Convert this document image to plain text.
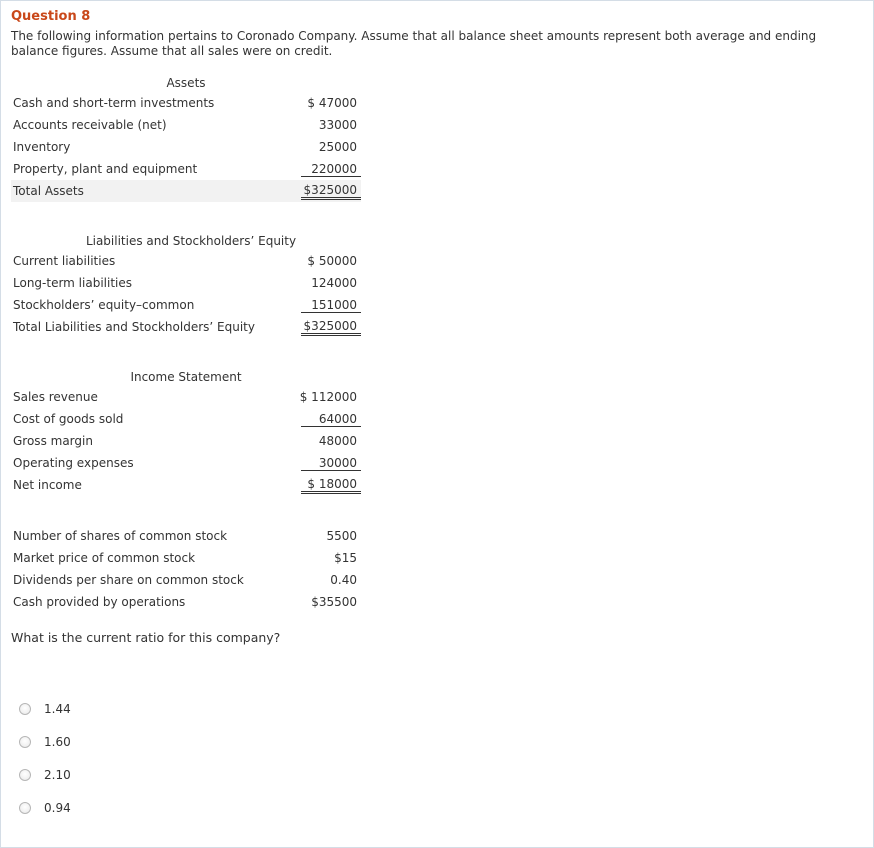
Question 8
The following information pertains to Coronado Company. Assume that all balance sheet amounts represent both average and ending balance figures. Assume that all sales were on credit.
Assets
Cash and short-term investments	$ 47000
Accounts receivable (net)	33000
Inventory	25000
Property, plant and equipment	220000
Total Assets	$325000
Liabilities and Stockholders’ Equity
Current liabilities	$ 50000
Long-term liabilities	124000
Stockholders’ equity–common	151000
Total Liabilities and Stockholders’ Equity	$325000
Income Statement
Sales revenue	$ 112000
Cost of goods sold	64000
Gross margin	48000
Operating expenses	30000
Net income	$ 18000
Number of shares of common stock	5500
Market price of common stock	$15
Dividends per share on common stock	0.40
Cash provided by operations	$35500
What is the current ratio for this company?
1.44
1.60
2.10
0.94
